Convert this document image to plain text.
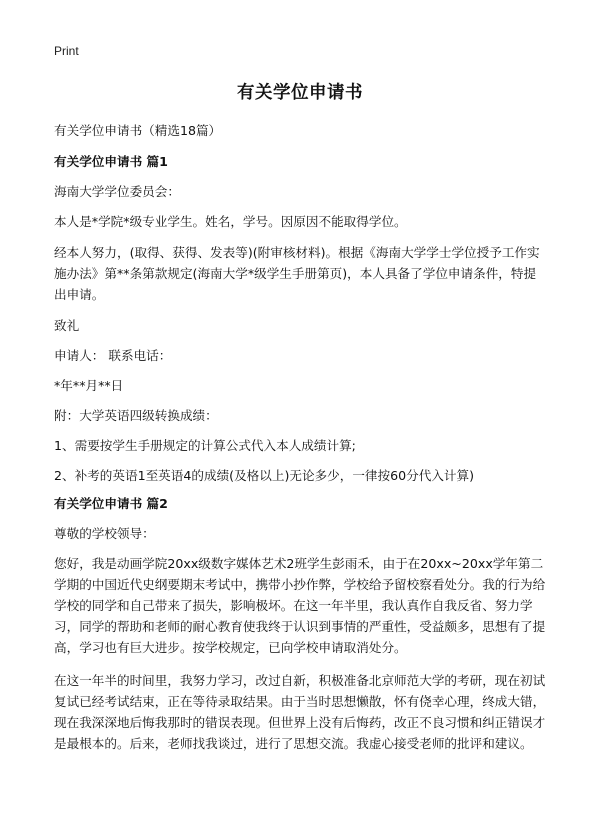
Print
有关学位申请书

有关学位申请书（精选18篇）

有关学位申请书 篇1

海南大学学位委员会：

本人是*学院*级专业学生。姓名，学号。因原因不能取得学位。

经本人努力，(取得、获得、发表等)(附审核材料)。根据《海南大学学士学位授予工作实施办法》第**条第款规定(海南大学*级学生手册第页)，本人具备了学位申请条件，特提出申请。

致礼

申请人： 联系电话：

*年**月**日

附：大学英语四级转换成绩：

1、需要按学生手册规定的计算公式代入本人成绩计算;

2、补考的英语1至英语4的成绩(及格以上)无论多少，一律按60分代入计算)

有关学位申请书 篇2

尊敬的学校领导：

您好，我是动画学院20xx级数字媒体艺术2班学生彭雨禾，由于在20xx~20xx学年第二学期的中国近代史纲要期末考试中，携带小抄作弊，学校给予留校察看处分。我的行为给学校的同学和自己带来了损失，影响极坏。在这一年半里，我认真作自我反省、努力学习，同学的帮助和老师的耐心教育使我终于认识到事情的严重性，受益颇多，思想有了提高，学习也有巨大进步。按学校规定，已向学校申请取消处分。

在这一年半的时间里，我努力学习，改过自新，积极准备北京师范大学的考研，现在初试复试已经考试结束，正在等待录取结果。由于当时思想懒散，怀有侥幸心理，终成大错，现在我深深地后悔我那时的错误表现。但世界上没有后悔药，改正不良习惯和纠正错误才是最根本的。后来，老师找我谈过，进行了思想交流。我虚心接受老师的批评和建议。
